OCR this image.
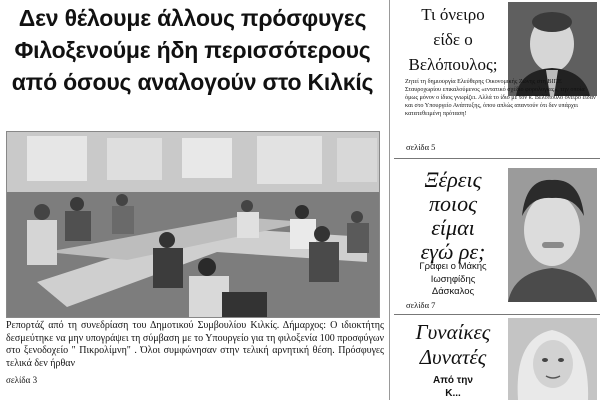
Δεν θέλουμε άλλους πρόσφυγες
Φιλοξενούμε ήδη περισσότερους
από όσους αναλογούν στο Κιλκίς
Ρεπορτάζ από τη συνεδρίαση του Δημοτικού Συμβουλίου Κιλκίς. Δήμαρχος: Ο ιδιοκτήτης δεσμεύτηκε να μην υπογράψει τη σύμβαση με το Υπουργείο για τη φιλοξενία 100 προσφύγων στο ξενοδοχείο " Πικρολίμνη" . Όλοι συμφώνησαν στην τελική αρνητική θέση. Πρόσφυγες τελικά δεν ήρθαν
σελίδα 3
Τι όνειρο
είδε ο
Βελόπουλος;
Ζητεί τη δημιουργία Ελεύθερης Οικονομικής Ζώνης στη ΒΙΠΕ Σταυροχωρίου επικαλούμενος «εντατικό σχέδιο φορολογίας», την οποία όμως μόνον ο ίδιος γνωρίζει. Αλλά το ίδιο με τον κ. Βελόπουλο όνειρο είδαν και στο Υπουργείο Ανάπτυξης, όπου απλώς απαντούν ότι δεν υπάρχει κατατεθειμένη πρόταση!
σελίδα 5
Ξέρεις
ποιος
είμαι
εγώ ρε;
Γράφει ο Μάκης
Ιωσηφίδης
Δάσκαλος
σελίδα 7
Γυναίκες
Δυνατές
Από την
Κ...
